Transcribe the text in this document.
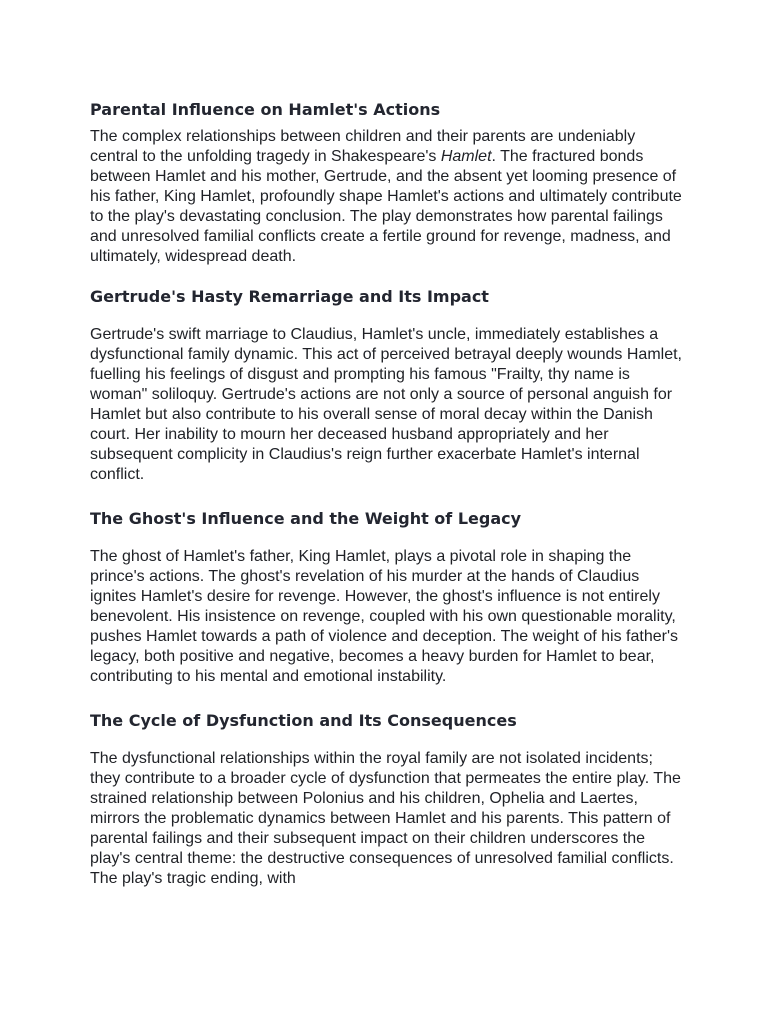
Parental Influence on Hamlet's Actions

The complex relationships between children and their parents are undeniably central to the unfolding tragedy in Shakespeare's Hamlet. The fractured bonds between Hamlet and his mother, Gertrude, and the absent yet looming presence of his father, King Hamlet, profoundly shape Hamlet's actions and ultimately contribute to the play's devastating conclusion. The play demonstrates how parental failings and unresolved familial conflicts create a fertile ground for revenge, madness, and ultimately, widespread death.

Gertrude's Hasty Remarriage and Its Impact

Gertrude's swift marriage to Claudius, Hamlet's uncle, immediately establishes a dysfunctional family dynamic. This act of perceived betrayal deeply wounds Hamlet, fuelling his feelings of disgust and prompting his famous "Frailty, thy name is woman" soliloquy. Gertrude's actions are not only a source of personal anguish for Hamlet but also contribute to his overall sense of moral decay within the Danish court. Her inability to mourn her deceased husband appropriately and her subsequent complicity in Claudius's reign further exacerbate Hamlet's internal conflict.

The Ghost's Influence and the Weight of Legacy

The ghost of Hamlet's father, King Hamlet, plays a pivotal role in shaping the prince's actions. The ghost's revelation of his murder at the hands of Claudius ignites Hamlet's desire for revenge. However, the ghost's influence is not entirely benevolent. His insistence on revenge, coupled with his own questionable morality, pushes Hamlet towards a path of violence and deception. The weight of his father's legacy, both positive and negative, becomes a heavy burden for Hamlet to bear, contributing to his mental and emotional instability.

The Cycle of Dysfunction and Its Consequences

The dysfunctional relationships within the royal family are not isolated incidents; they contribute to a broader cycle of dysfunction that permeates the entire play. The strained relationship between Polonius and his children, Ophelia and Laertes, mirrors the problematic dynamics between Hamlet and his parents. This pattern of parental failings and their subsequent impact on their children underscores the play's central theme: the destructive consequences of unresolved familial conflicts. The play's tragic ending, with
